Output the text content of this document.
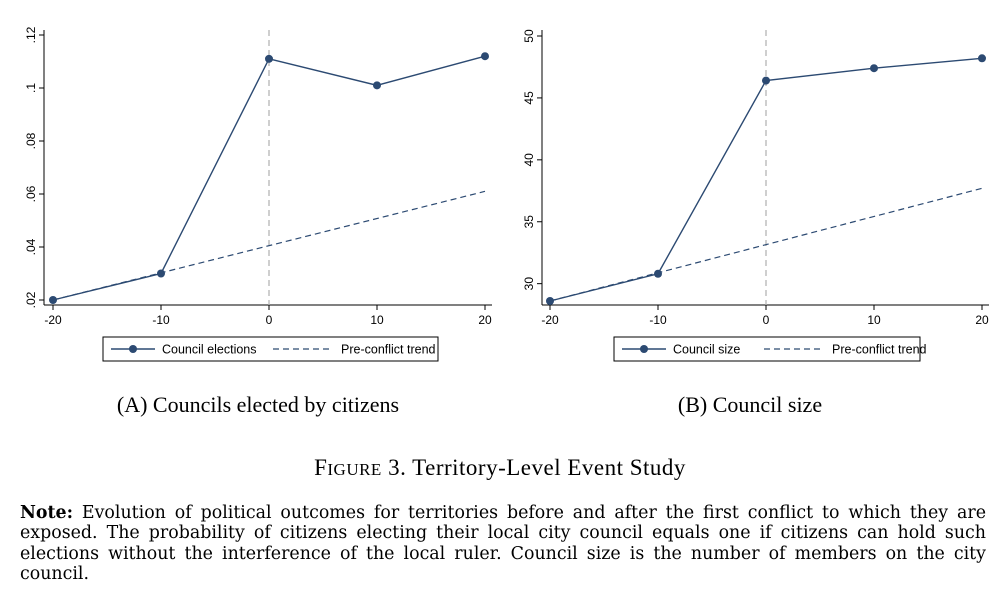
.02
.04
.06
.08
.1
.12
-20	-10	0	10	20
Council elections	Pre-conflict trend
30
35
40
45
50
-20	-10	0	10	20
Council size	Pre-conflict trend
(A) Councils elected by citizens	(B) Council size
FIGURE 3. Territory-Level Event Study
Note: Evolution of political outcomes for territories before and after the first conflict to which they are exposed. The probability of citizens electing their local city council equals one if citizens can hold such elections without the interference of the local ruler. Council size is the number of members on the city council.
